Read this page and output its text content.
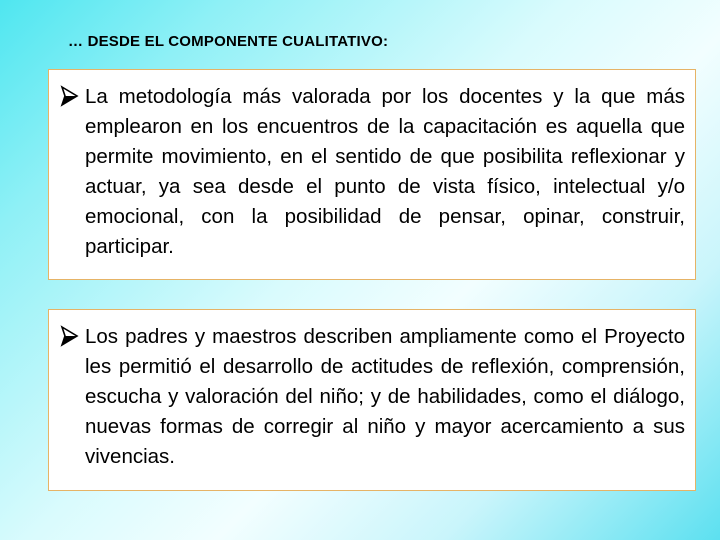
… DESDE EL COMPONENTE CUALITATIVO:

La metodología más valorada por los docentes y la que más emplearon en los encuentros de la capacitación es aquella que permite movimiento, en el sentido de que posibilita reflexionar y actuar, ya sea desde el punto de vista físico, intelectual y/o emocional, con la posibilidad de pensar, opinar, construir, participar.

Los padres y maestros describen ampliamente como el Proyecto les permitió el desarrollo de actitudes de reflexión, comprensión, escucha y valoración del niño; y de habilidades, como el diálogo, nuevas formas de corregir al niño y mayor acercamiento a sus vivencias.
